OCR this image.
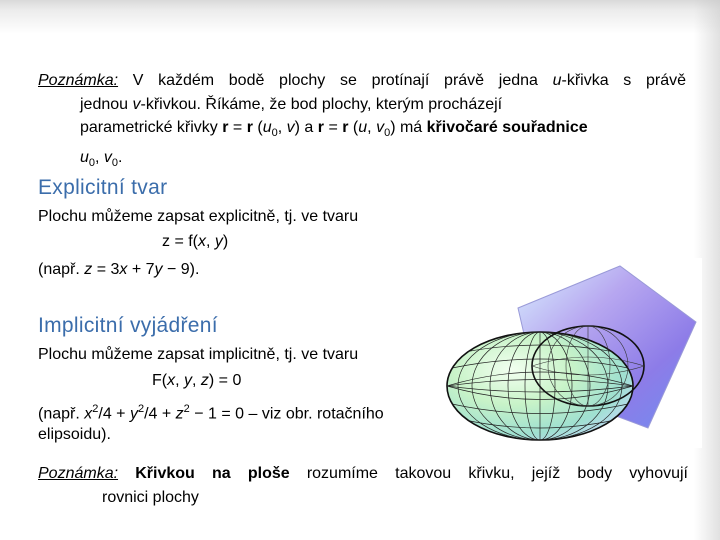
Poznámka: V každém bodě plochy se protínají právě jedna u-křivka s právě
jednou v-křivkou. Říkáme, že bod plochy, kterým procházejí
parametrické křivky r = r ($u_0$, v) a r = r (u, $v_0$) má křivočaré souřadnice
$u_0$, $v_0$.
Explicitní tvar
Plochu můžeme zapsat explicitně, tj. ve tvaru
z = f(x, y)
(např. z = 3x + 7y − 9).
Implicitní vyjádření
Plochu můžeme zapsat implicitně, tj. ve tvaru
F(x, y, z) = 0
(např. $x^2/4 + y^2/4 + z^2 - 1 = 0$ – viz obr. rotačního
elipsoidu).
Poznámka: Křivkou na ploše rozumíme takovou křivku, jejíž body vyhovují
rovnici plochy
